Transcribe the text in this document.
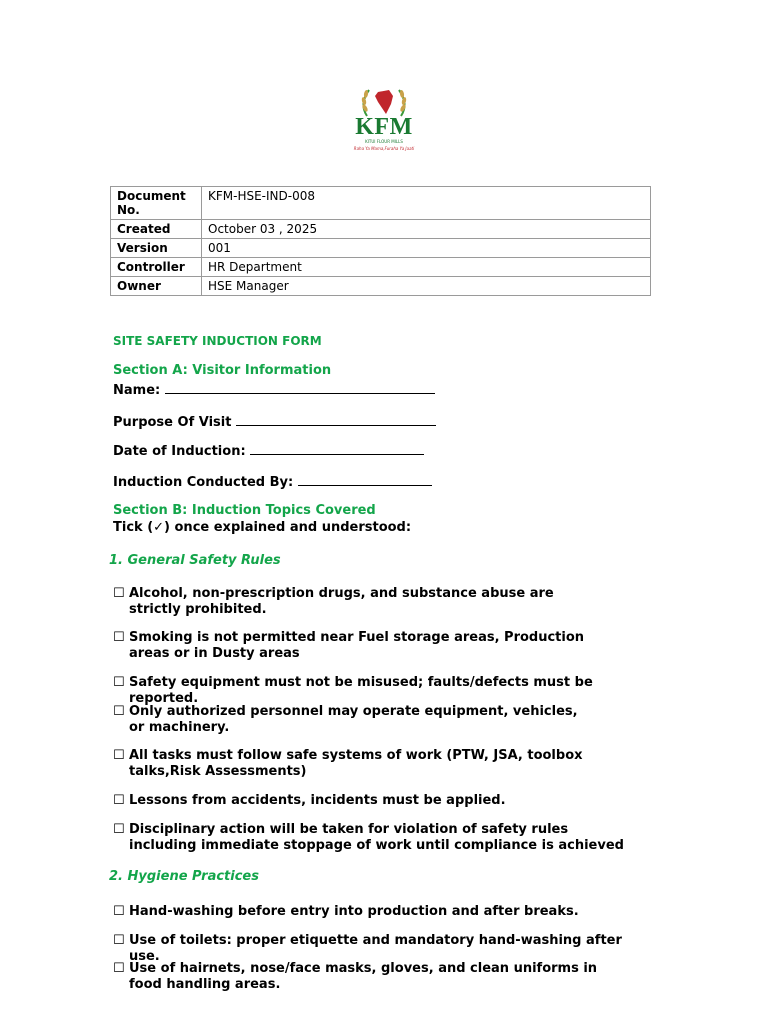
KFM
KITUI FLOUR MILLS
Raha Ya Mama,Furaha Ya Jaati
Document No.	KFM-HSE-IND-008
Created	October 03 , 2025
Version	001
Controller	HR Department
Owner	HSE Manager
SITE SAFETY INDUCTION FORM
Section A: Visitor Information
Name:
Purpose Of Visit
Date of Induction:
Induction Conducted By:
Section B: Induction Topics Covered
Tick (✓) once explained and understood:
1. General Safety Rules
☐ Alcohol, non-prescription drugs, and substance abuse are strictly prohibited.
☐ Smoking is not permitted near Fuel storage areas, Production areas or in Dusty areas
☐ Safety equipment must not be misused; faults/defects must be reported.
☐ Only authorized personnel may operate equipment, vehicles, or machinery.
☐ All tasks must follow safe systems of work (PTW, JSA, toolbox talks,Risk Assessments)
☐ Lessons from accidents, incidents must be applied.
☐ Disciplinary action will be taken for violation of safety rules including immediate stoppage of work until compliance is achieved
2. Hygiene Practices
☐ Hand-washing before entry into production and after breaks.
☐ Use of toilets: proper etiquette and mandatory hand-washing after use.
☐ Use of hairnets, nose/face masks, gloves, and clean uniforms in food handling areas.
